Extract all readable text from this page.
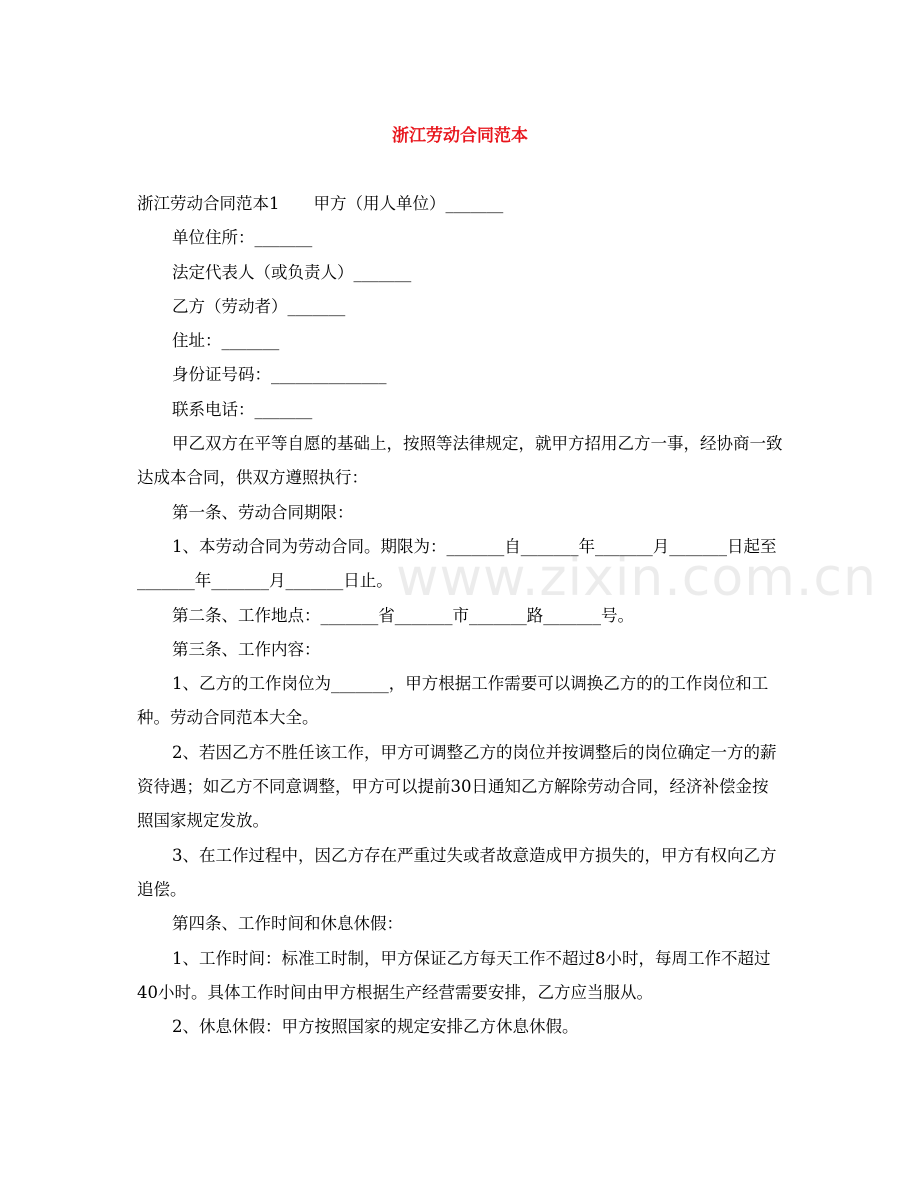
浙江劳动合同范本

浙江劳动合同范本1 甲方（用人单位）_______

单位住所：_______

法定代表人（或负责人）_______

乙方（劳动者）_______

住址：_______

身份证号码：______________

联系电话：_______

甲乙双方在平等自愿的基础上，按照等法律规定，就甲方招用乙方一事，经协商一致达成本合同，供双方遵照执行：

第一条、劳动合同期限：

1、本劳动合同为劳动合同。期限为：_______自_______年_______月_______日起至_______年_______月_______日止。

第二条、工作地点：_______省_______市_______路_______号。

第三条、工作内容：

1、乙方的工作岗位为_______，甲方根据工作需要可以调换乙方的的工作岗位和工种。劳动合同范本大全。

2、若因乙方不胜任该工作，甲方可调整乙方的岗位并按调整后的岗位确定一方的薪资待遇；如乙方不同意调整，甲方可以提前30日通知乙方解除劳动合同，经济补偿金按照国家规定发放。

3、在工作过程中，因乙方存在严重过失或者故意造成甲方损失的，甲方有权向乙方追偿。

第四条、工作时间和休息休假：

1、工作时间：标准工时制，甲方保证乙方每天工作不超过8小时，每周工作不超过40小时。具体工作时间由甲方根据生产经营需要安排，乙方应当服从。

2、休息休假：甲方按照国家的规定安排乙方休息休假。

www.zixin.com.cn
